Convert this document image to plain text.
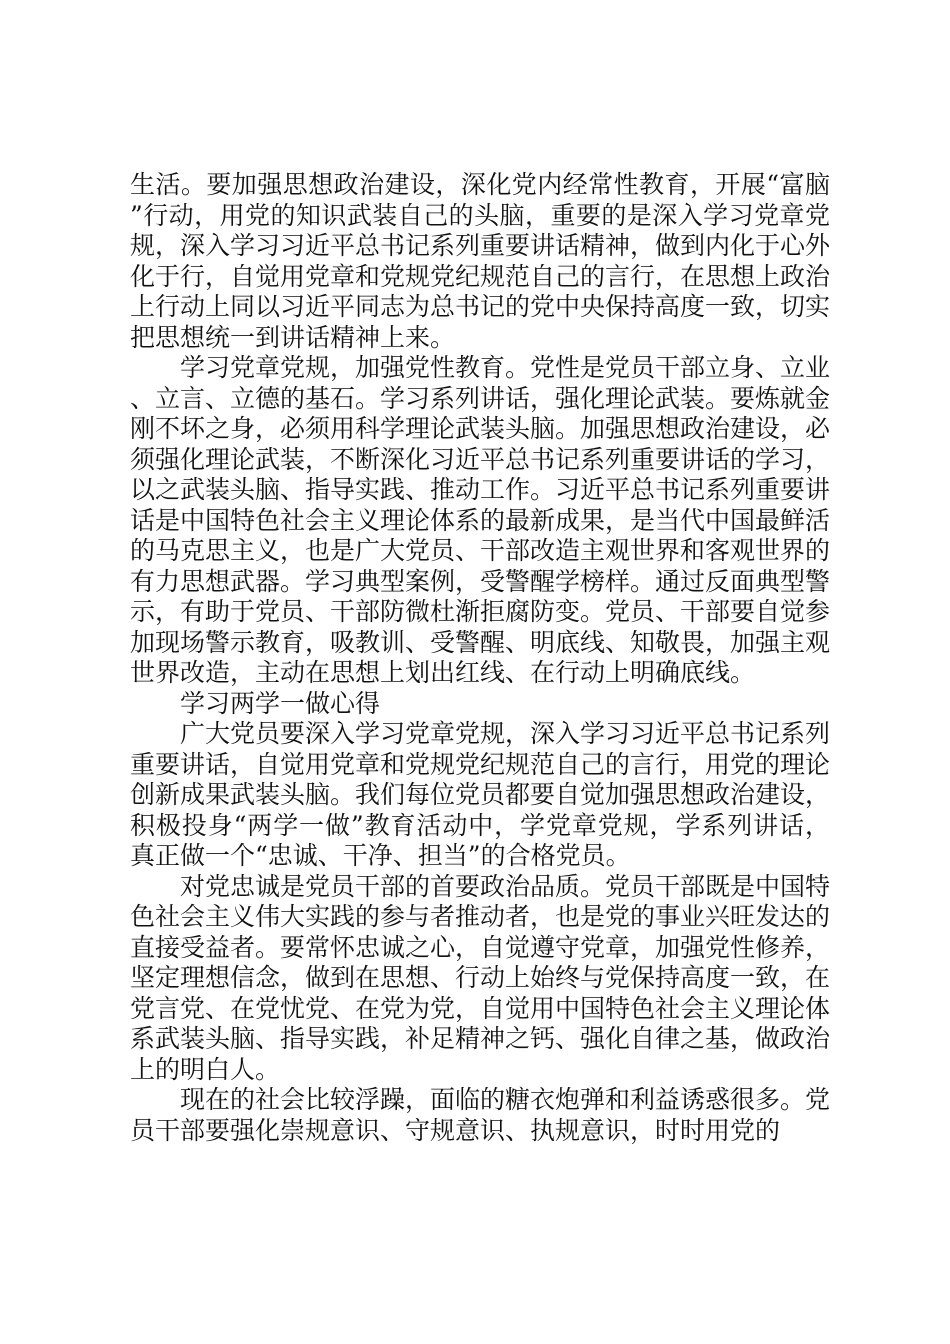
生活。要加强思想政治建设，深化党内经常性教育，开展“富脑”行动，用党的知识武装自己的头脑，重要的是深入学习党章党规，深入学习习近平总书记系列重要讲话精神，做到内化于心外化于行，自觉用党章和党规党纪规范自己的言行，在思想上政治上行动上同以习近平同志为总书记的党中央保持高度一致，切实把思想统一到讲话精神上来。

学习党章党规，加强党性教育。党性是党员干部立身、立业、立言、立德的基石。学习系列讲话，强化理论武装。要炼就金刚不坏之身，必须用科学理论武装头脑。加强思想政治建设，必须强化理论武装，不断深化习近平总书记系列重要讲话的学习，以之武装头脑、指导实践、推动工作。习近平总书记系列重要讲话是中国特色社会主义理论体系的最新成果，是当代中国最鲜活的马克思主义，也是广大党员、干部改造主观世界和客观世界的有力思想武器。学习典型案例，受警醒学榜样。通过反面典型警示，有助于党员、干部防微杜渐拒腐防变。党员、干部要自觉参加现场警示教育，吸教训、受警醒、明底线、知敬畏，加强主观世界改造，主动在思想上划出红线、在行动上明确底线。

学习两学一做心得

广大党员要深入学习党章党规，深入学习习近平总书记系列重要讲话，自觉用党章和党规党纪规范自己的言行，用党的理论创新成果武装头脑。我们每位党员都要自觉加强思想政治建设，积极投身“两学一做”教育活动中，学党章党规，学系列讲话，真正做一个“忠诚、干净、担当”的合格党员。

对党忠诚是党员干部的首要政治品质。党员干部既是中国特色社会主义伟大实践的参与者推动者，也是党的事业兴旺发达的直接受益者。要常怀忠诚之心，自觉遵守党章，加强党性修养，坚定理想信念，做到在思想、行动上始终与党保持高度一致，在党言党、在党忧党、在党为党，自觉用中国特色社会主义理论体系武装头脑、指导实践，补足精神之钙、强化自律之基，做政治上的明白人。

现在的社会比较浮躁，面临的糖衣炮弹和利益诱惑很多。党员干部要强化崇规意识、守规意识、执规意识，时时用党的
